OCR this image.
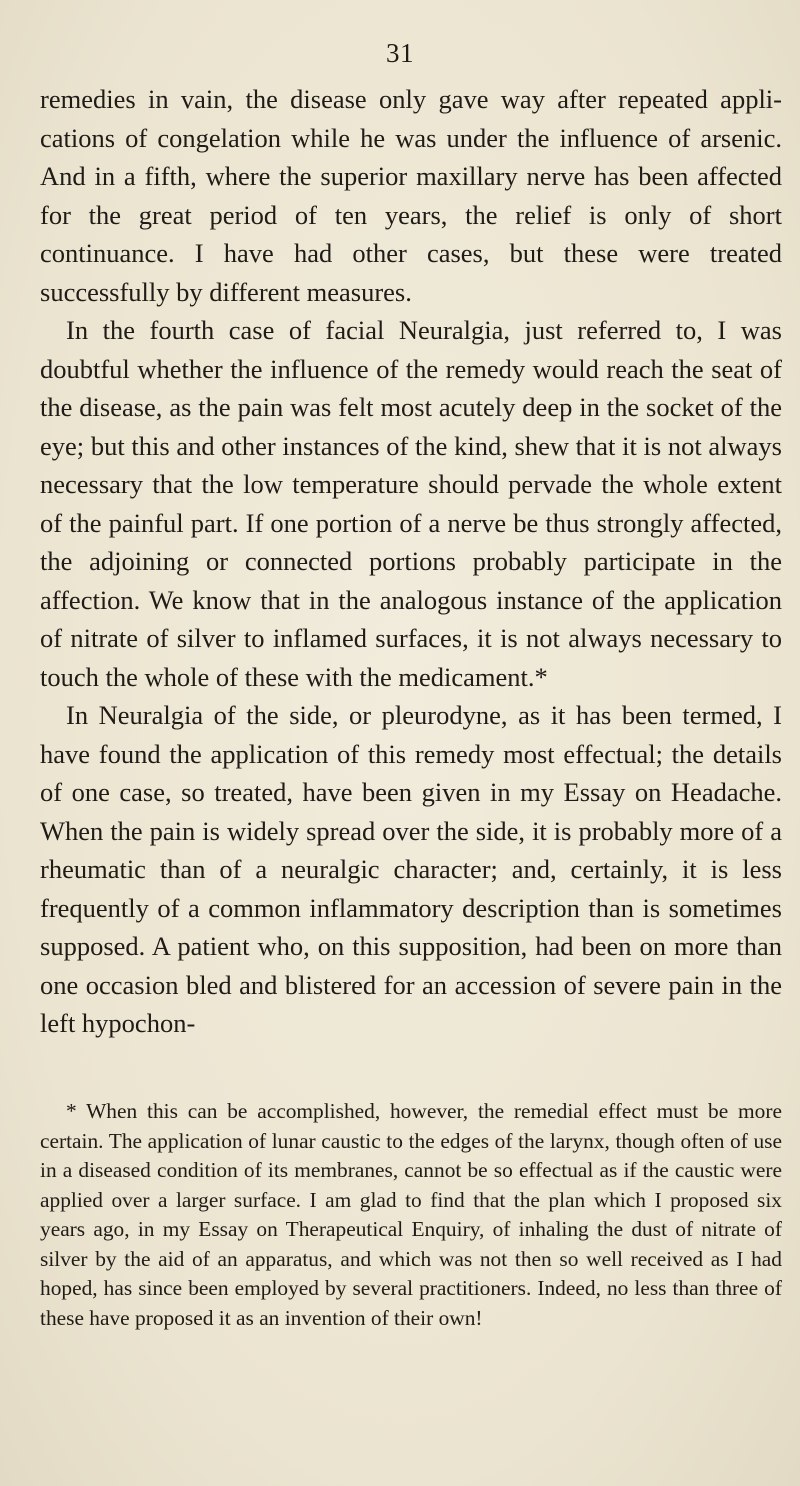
31

remedies in vain, the disease only gave way after repeated applications of congelation while he was under the influence of arsenic. And in a fifth, where the superior maxillary nerve has been affected for the great period of ten years, the relief is only of short continuance. I have had other cases, but these were treated successfully by different measures.

In the fourth case of facial Neuralgia, just referred to, I was doubtful whether the influence of the remedy would reach the seat of the disease, as the pain was felt most acutely deep in the socket of the eye; but this and other instances of the kind, shew that it is not always necessary that the low temperature should pervade the whole extent of the painful part. If one portion of a nerve be thus strongly affected, the adjoining or connected portions probably participate in the affection. We know that in the analogous instance of the application of nitrate of silver to inflamed surfaces, it is not always necessary to touch the whole of these with the medicament.*

In Neuralgia of the side, or pleurodyne, as it has been termed, I have found the application of this remedy most effectual; the details of one case, so treated, have been given in my Essay on Headache. When the pain is widely spread over the side, it is probably more of a rheumatic than of a neuralgic character; and, certainly, it is less frequently of a common inflammatory description than is sometimes supposed. A patient who, on this supposition, had been on more than one occasion bled and blistered for an accession of severe pain in the left hypochon-

* When this can be accomplished, however, the remedial effect must be more certain. The application of lunar caustic to the edges of the larynx, though often of use in a diseased condition of its membranes, cannot be so effectual as if the caustic were applied over a larger surface. I am glad to find that the plan which I proposed six years ago, in my Essay on Therapeutical Enquiry, of inhaling the dust of nitrate of silver by the aid of an apparatus, and which was not then so well received as I had hoped, has since been employed by several practitioners. Indeed, no less than three of these have proposed it as an invention of their own!
